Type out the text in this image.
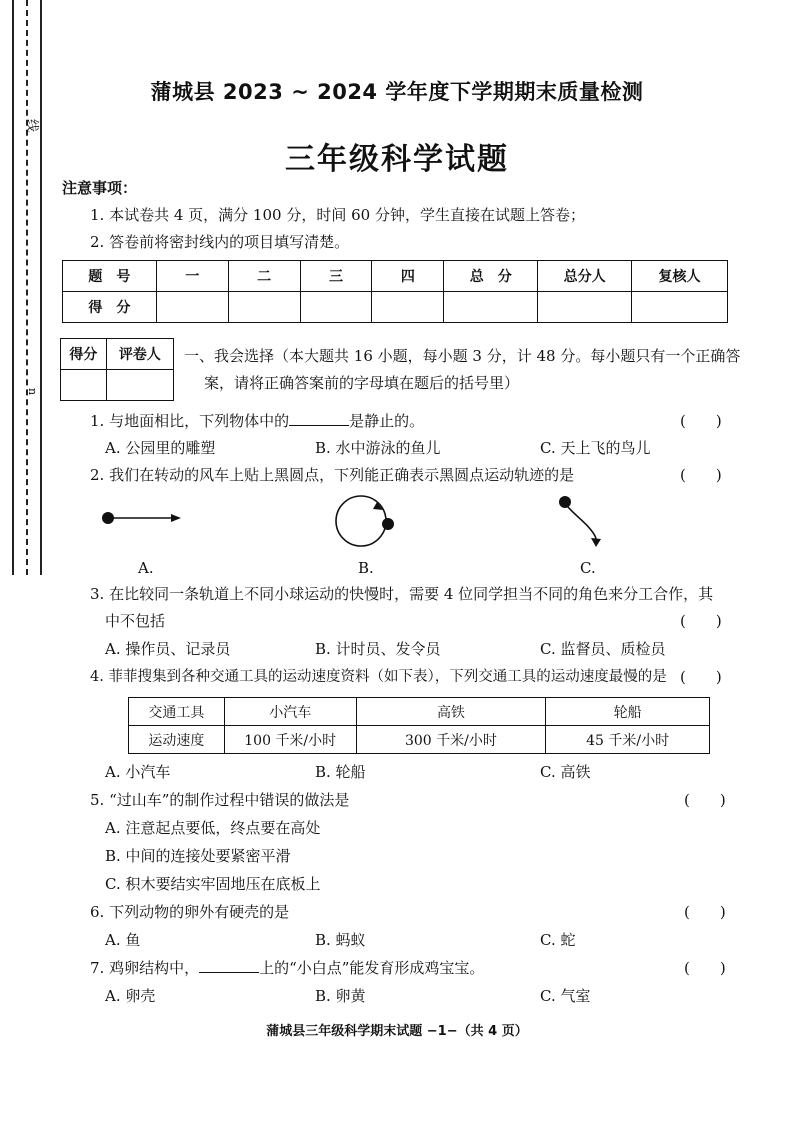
线
n
蒲城县 2023 ~ 2024 学年度下学期期末质量检测
三年级科学试题
注意事项：
1. 本试卷共 4 页，满分 100 分，时间 60 分钟，学生直接在试题上答卷；
2. 答卷前将密封线内的项目填写清楚。
题　号	一	二	三	四	总　分	总分人	复核人
得　分							
得分	评卷人
	一、我会选择（本大题共 16 小题，每小题 3 分，计 48 分。每小题只有一个正确答
案，请将正确答案前的字母填在题后的括号里）
1. 与地面相比，下列物体中的	是静止的。	(　　)
A. 公园里的雕塑	B. 水中游泳的鱼儿	C. 天上飞的鸟儿
2. 我们在转动的风车上贴上黑圆点，下列能正确表示黑圆点运动轨迹的是	(　　)
A.	B.	C.
3. 在比较同一条轨道上不同小球运动的快慢时，需要 4 位同学担当不同的角色来分工合作，其
中不包括	(　　)
A. 操作员、记录员	B. 计时员、发令员	C. 监督员、质检员
4. 菲菲搜集到各种交通工具的运动速度资料（如下表），下列交通工具的运动速度最慢的是 (　　)
交通工具	小汽车	高铁	轮船
运动速度	100 千米/小时	300 千米/小时	45 千米/小时
A. 小汽车	B. 轮船	C. 高铁
5. “过山车”的制作过程中错误的做法是	(　　)
A. 注意起点要低，终点要在高处
B. 中间的连接处要紧密平滑
C. 积木要结实牢固地压在底板上
6. 下列动物的卵外有硬壳的是	(　　)
A. 鱼	B. 蚂蚁	C. 蛇
7. 鸡卵结构中，	上的“小白点”能发育形成鸡宝宝。	(　　)
A. 卵壳	B. 卵黄	C. 气室
蒲城县三年级科学期末试题 −1−（共 4 页）
